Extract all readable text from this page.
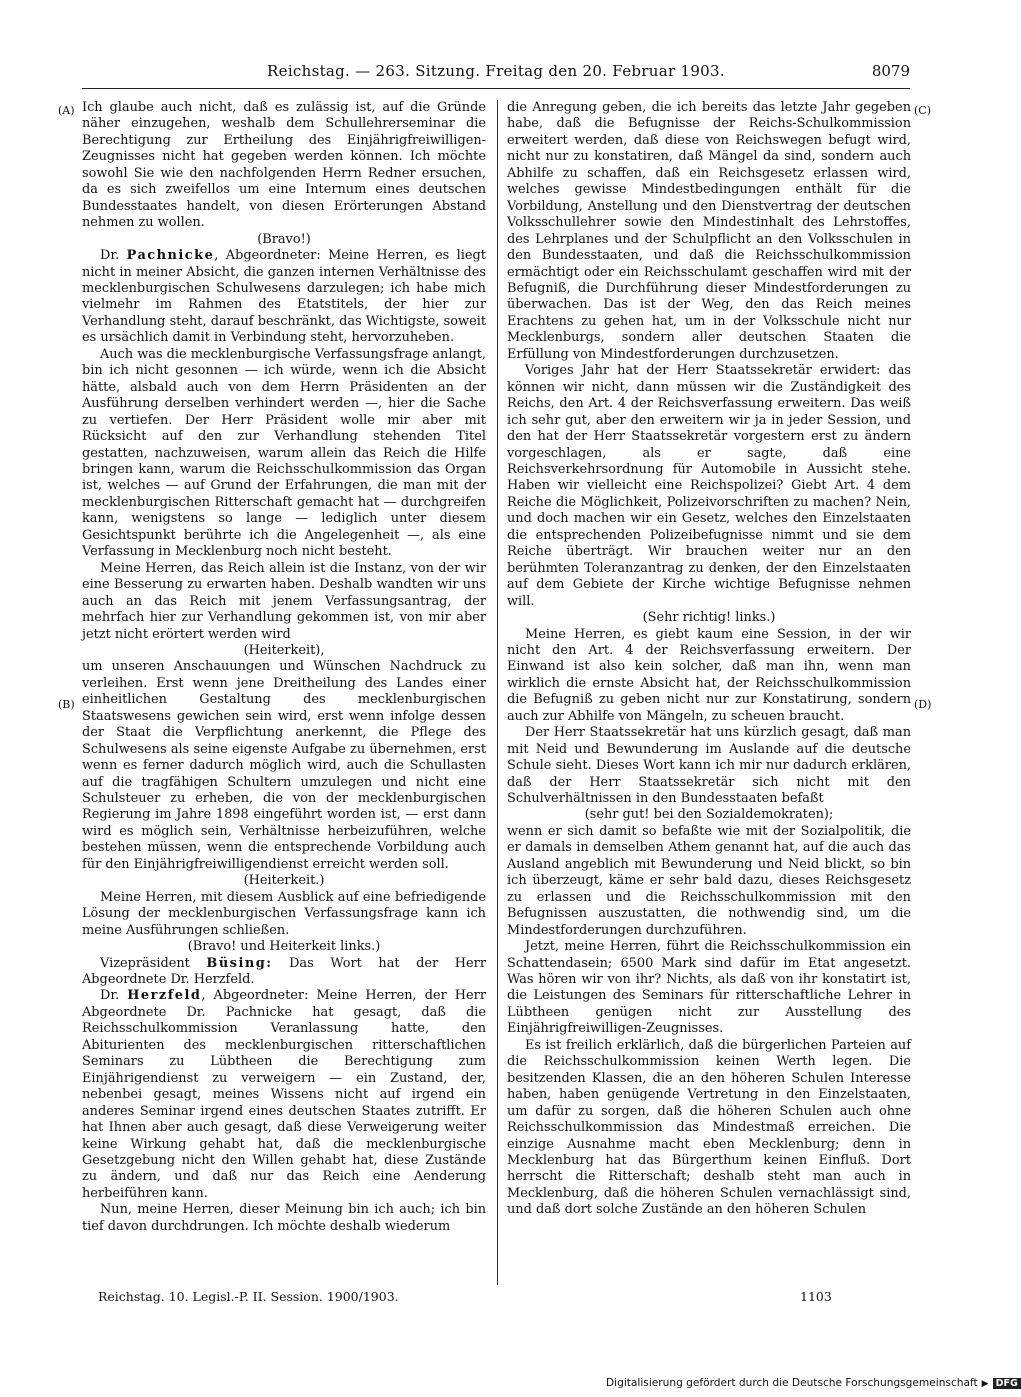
Reichstag. — 263. Sitzung. Freitag den 20. Februar 1903.	8079
(A)
(B)
(C)
(D)

Ich glaube auch nicht, daß es zulässig ist, auf die Gründe näher einzugehen, weshalb dem Schullehrerseminar die Berechtigung zur Ertheilung des Einjährigfreiwilligen-Zeugnisses nicht hat gegeben werden können. Ich möchte sowohl Sie wie den nachfolgenden Herrn Redner ersuchen, da es sich zweifellos um eine Internum eines deutschen Bundesstaates handelt, von diesen Erörterungen Abstand nehmen zu wollen.

(Bravo!)

Dr. Pachnicke, Abgeordneter: Meine Herren, es liegt nicht in meiner Absicht, die ganzen internen Verhältnisse des mecklenburgischen Schulwesens darzulegen; ich habe mich vielmehr im Rahmen des Etatstitels, der hier zur Verhandlung steht, darauf beschränkt, das Wichtigste, soweit es ursächlich damit in Verbindung steht, hervorzuheben.

Auch was die mecklenburgische Verfassungsfrage anlangt, bin ich nicht gesonnen — ich würde, wenn ich die Absicht hätte, alsbald auch von dem Herrn Präsidenten an der Ausführung derselben verhindert werden —, hier die Sache zu vertiefen. Der Herr Präsident wolle mir aber mit Rücksicht auf den zur Verhandlung stehenden Titel gestatten, nachzuweisen, warum allein das Reich die Hilfe bringen kann, warum die Reichsschulkommission das Organ ist, welches — auf Grund der Erfahrungen, die man mit der mecklenburgischen Ritterschaft gemacht hat — durchgreifen kann, wenigstens so lange — lediglich unter diesem Gesichtspunkt berührte ich die Angelegenheit —, als eine Verfassung in Mecklenburg noch nicht besteht.

Meine Herren, das Reich allein ist die Instanz, von der wir eine Besserung zu erwarten haben. Deshalb wandten wir uns auch an das Reich mit jenem Verfassungsantrag, der mehrfach hier zur Verhandlung gekommen ist, von mir aber jetzt nicht erörtert werden wird

(Heiterkeit),

um unseren Anschauungen und Wünschen Nachdruck zu verleihen. Erst wenn jene Dreitheilung des Landes einer einheitlichen Gestaltung des mecklenburgischen Staatswesens gewichen sein wird, erst wenn infolge dessen der Staat die Verpflichtung anerkennt, die Pflege des Schulwesens als seine eigenste Aufgabe zu übernehmen, erst wenn es ferner dadurch möglich wird, auch die Schullasten auf die tragfähigen Schultern umzulegen und nicht eine Schulsteuer zu erheben, die von der mecklenburgischen Regierung im Jahre 1898 eingeführt worden ist, — erst dann wird es möglich sein, Verhältnisse herbeizuführen, welche bestehen müssen, wenn die entsprechende Vorbildung auch für den Einjährigfreiwilligendienst erreicht werden soll.

(Heiterkeit.)

Meine Herren, mit diesem Ausblick auf eine befriedigende Lösung der mecklenburgischen Verfassungsfrage kann ich meine Ausführungen schließen.

(Bravo! und Heiterkeit links.)

Vizepräsident Büsing: Das Wort hat der Herr Abgeordnete Dr. Herzfeld.

Dr. Herzfeld, Abgeordneter: Meine Herren, der Herr Abgeordnete Dr. Pachnicke hat gesagt, daß die Reichsschulkommission Veranlassung hatte, den Abiturienten des mecklenburgischen ritterschaftlichen Seminars zu Lübtheen die Berechtigung zum Einjährigendienst zu verweigern — ein Zustand, der, nebenbei gesagt, meines Wissens nicht auf irgend ein anderes Seminar irgend eines deutschen Staates zutrifft. Er hat Ihnen aber auch gesagt, daß diese Verweigerung weiter keine Wirkung gehabt hat, daß die mecklenburgische Gesetzgebung nicht den Willen gehabt hat, diese Zustände zu ändern, und daß nur das Reich eine Aenderung herbeiführen kann.

Nun, meine Herren, dieser Meinung bin ich auch; ich bin tief davon durchdrungen. Ich möchte deshalb wiederum

die Anregung geben, die ich bereits das letzte Jahr gegeben habe, daß die Befugnisse der Reichs-Schulkommission erweitert werden, daß diese von Reichswegen befugt wird, nicht nur zu konstatiren, daß Mängel da sind, sondern auch Abhilfe zu schaffen, daß ein Reichsgesetz erlassen wird, welches gewisse Mindestbedingungen enthält für die Vorbildung, Anstellung und den Dienstvertrag der deutschen Volksschullehrer sowie den Mindestinhalt des Lehrstoffes, des Lehrplanes und der Schulpflicht an den Volksschulen in den Bundesstaaten, und daß die Reichsschulkommission ermächtigt oder ein Reichsschulamt geschaffen wird mit der Befugniß, die Durchführung dieser Mindestforderungen zu überwachen. Das ist der Weg, den das Reich meines Erachtens zu gehen hat, um in der Volksschule nicht nur Mecklenburgs, sondern aller deutschen Staaten die Erfüllung von Mindestforderungen durchzusetzen.

Voriges Jahr hat der Herr Staatssekretär erwidert: das können wir nicht, dann müssen wir die Zuständigkeit des Reichs, den Art. 4 der Reichsverfassung erweitern. Das weiß ich sehr gut, aber den erweitern wir ja in jeder Session, und den hat der Herr Staatssekretär vorgestern erst zu ändern vorgeschlagen, als er sagte, daß eine Reichsverkehrsordnung für Automobile in Aussicht stehe. Haben wir vielleicht eine Reichspolizei? Giebt Art. 4 dem Reiche die Möglichkeit, Polizeivorschriften zu machen? Nein, und doch machen wir ein Gesetz, welches den Einzelstaaten die entsprechenden Polizeibefugnisse nimmt und sie dem Reiche überträgt. Wir brauchen weiter nur an den berühmten Toleranzantrag zu denken, der den Einzelstaaten auf dem Gebiete der Kirche wichtige Befugnisse nehmen will.

(Sehr richtig! links.)

Meine Herren, es giebt kaum eine Session, in der wir nicht den Art. 4 der Reichsverfassung erweitern. Der Einwand ist also kein solcher, daß man ihn, wenn man wirklich die ernste Absicht hat, der Reichsschulkommission die Befugniß zu geben nicht nur zur Konstatirung, sondern auch zur Abhilfe von Mängeln, zu scheuen braucht.

Der Herr Staatssekretär hat uns kürzlich gesagt, daß man mit Neid und Bewunderung im Auslande auf die deutsche Schule sieht. Dieses Wort kann ich mir nur dadurch erklären, daß der Herr Staatssekretär sich nicht mit den Schulverhältnissen in den Bundesstaaten befaßt

(sehr gut! bei den Sozialdemokraten);

wenn er sich damit so befaßte wie mit der Sozialpolitik, die er damals in demselben Athem genannt hat, auf die auch das Ausland angeblich mit Bewunderung und Neid blickt, so bin ich überzeugt, käme er sehr bald dazu, dieses Reichsgesetz zu erlassen und die Reichsschulkommission mit den Befugnissen auszustatten, die nothwendig sind, um die Mindestforderungen durchzuführen.

Jetzt, meine Herren, führt die Reichsschulkommission ein Schattendasein; 6500 Mark sind dafür im Etat angesetzt. Was hören wir von ihr? Nichts, als daß von ihr konstatirt ist, die Leistungen des Seminars für ritterschaftliche Lehrer in Lübtheen genügen nicht zur Ausstellung des Einjährigfreiwilligen-Zeugnisses.

Es ist freilich erklärlich, daß die bürgerlichen Parteien auf die Reichsschulkommission keinen Werth legen. Die besitzenden Klassen, die an den höheren Schulen Interesse haben, haben genügende Vertretung in den Einzelstaaten, um dafür zu sorgen, daß die höheren Schulen auch ohne Reichsschulkommission das Mindestmaß erreichen. Die einzige Ausnahme macht eben Mecklenburg; denn in Mecklenburg hat das Bürgerthum keinen Einfluß. Dort herrscht die Ritterschaft; deshalb steht man auch in Mecklenburg, daß die höheren Schulen vernachlässigt sind, und daß dort solche Zustände an den höheren Schulen

Reichstag. 10. Legisl.-P. II. Session. 1900/1903.	1103
Digitalisierung gefördert durch die Deutsche Forschungsgemeinschaft ▶ DFG
